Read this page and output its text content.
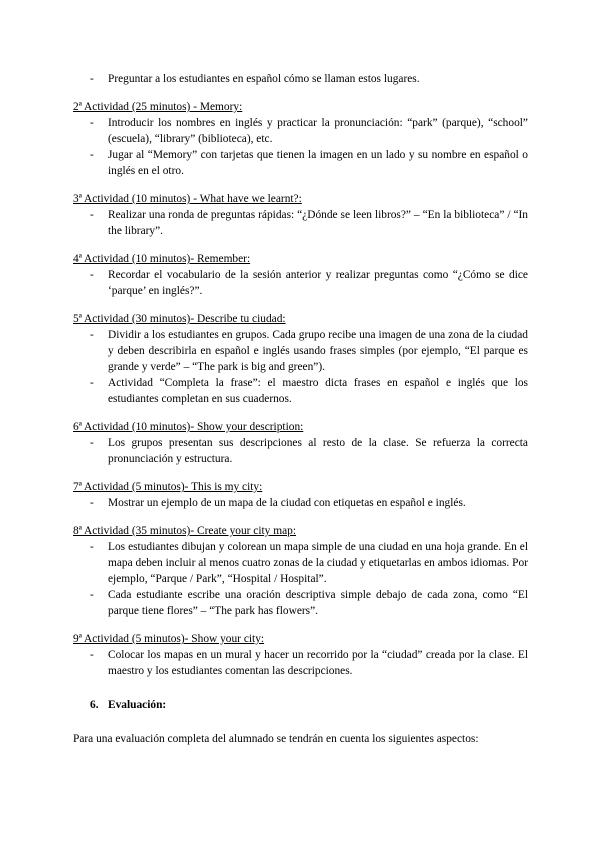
- Preguntar a los estudiantes en español cómo se llaman estos lugares.

2ª Actividad (25 minutos) - Memory:

- Introducir los nombres en inglés y practicar la pronunciación: “park” (parque), “school” (escuela), “library” (biblioteca), etc.
- Jugar al “Memory” con tarjetas que tienen la imagen en un lado y su nombre en español o inglés en el otro.

3ª Actividad (10 minutos) - What have we learnt?:

- Realizar una ronda de preguntas rápidas: “¿Dónde se leen libros?” – “En la biblioteca” / “In the library”.

4ª Actividad (10 minutos)- Remember:

- Recordar el vocabulario de la sesión anterior y realizar preguntas como “¿Cómo se dice ‘parque’ en inglés?”.

5ª Actividad (30 minutos)- Describe tu ciudad:

- Dividir a los estudiantes en grupos. Cada grupo recibe una imagen de una zona de la ciudad y deben describirla en español e inglés usando frases simples (por ejemplo, “El parque es grande y verde” – “The park is big and green”).
- Actividad “Completa la frase”: el maestro dicta frases en español e inglés que los estudiantes completan en sus cuadernos.

6ª Actividad (10 minutos)- Show your description:

- Los grupos presentan sus descripciones al resto de la clase. Se refuerza la correcta pronunciación y estructura.

7ª Actividad (5 minutos)- This is my city:

- Mostrar un ejemplo de un mapa de la ciudad con etiquetas en español e inglés.

8ª Actividad (35 minutos)- Create your city map:

- Los estudiantes dibujan y colorean un mapa simple de una ciudad en una hoja grande. En el mapa deben incluir al menos cuatro zonas de la ciudad y etiquetarlas en ambos idiomas. Por ejemplo, “Parque / Park”, “Hospital / Hospital”.
- Cada estudiante escribe una oración descriptiva simple debajo de cada zona, como “El parque tiene flores” – “The park has flowers”.

9ª Actividad (5 minutos)- Show your city:

- Colocar los mapas en un mural y hacer un recorrido por la “ciudad” creada por la clase. El maestro y los estudiantes comentan las descripciones.
6. Evaluación:

Para una evaluación completa del alumnado se tendrán en cuenta los siguientes aspectos:
